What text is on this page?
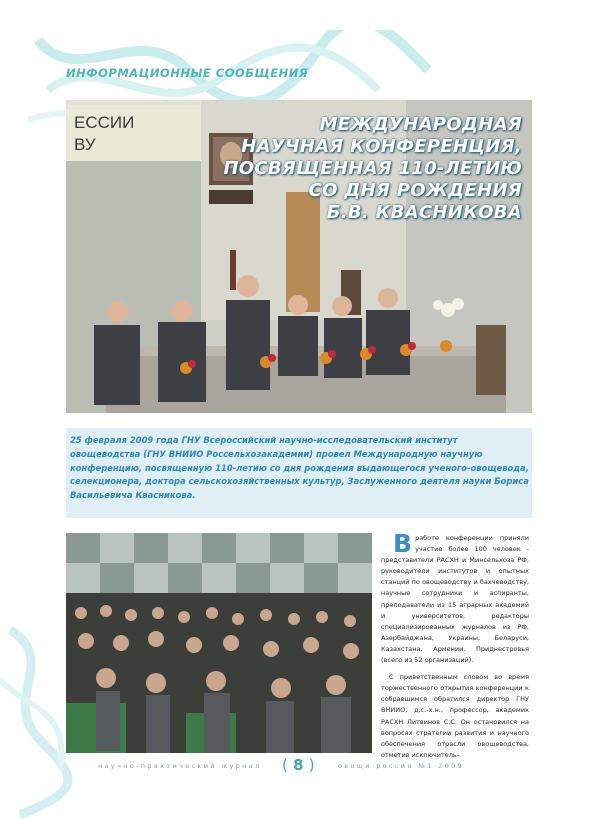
ИНФОРМАЦИОННЫЕ СООБЩЕНИЯ
ЕССИИ
ВУ
МЕЖДУНАРОДНАЯ
НАУЧНАЯ КОНФЕРЕНЦИЯ,
ПОСВЯЩЕННАЯ 110-ЛЕТИЮ
СО ДНЯ РОЖДЕНИЯ
Б.В. КВАСНИКОВА
25 февраля 2009 года ГНУ Всероссийский научно-исследовательский институт овощеводства (ГНУ ВНИИО Россельхозакадемии) провел Международную научную конференцию, посвященную 110-летию со дня рождения выдающегося ученого-овощевода, селекционера, доктора сельскохозяйственных культур, Заслуженного деятеля науки Бориса Васильевича Квасникова.

Вработе конференции приняли участие более 100 человек - представители РАСХН и Минсельхоза РФ, руководители институтов и опытных станций по овощеводству и бахчеводству, научные сотрудники и аспиранты, преподаватели из 15 аграрных академий и университетов, редакторы специализированных журналов из РФ, Азербайджана, Украины, Беларуси, Казахстана, Армении, Приднестровья (всего из 52 организаций).

С приветственным словом во время торжественного открытия конференции к собравшимся обратился директор ГНУ ВНИИО, д.с.-х.н., профессор, академик РАСХН Литвинов С.С. Он остановился на вопросах стратегии развития и научного обеспечения отрасли овощеводства, отметив исключитель-

научно-практический журнал ( 8 )	овощи россии №1 2009
